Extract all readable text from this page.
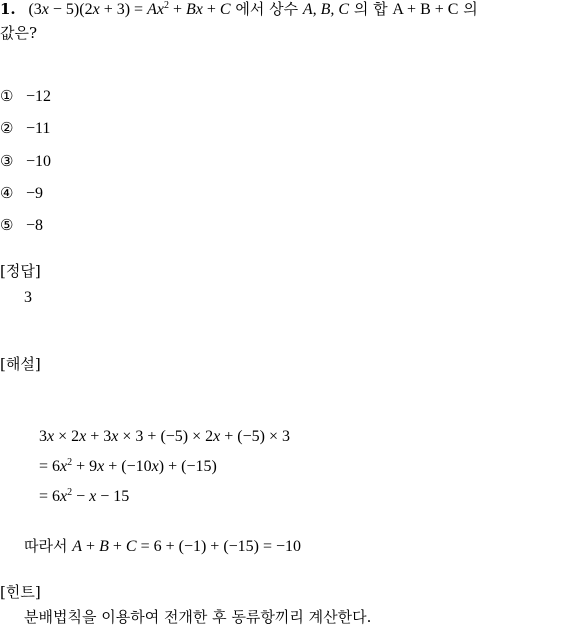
1. $(3x - 5)(2x + 3) = Ax^2 + Bx + C$ 에서 상수 A, B, C 의 합 A + B + C 의
값은?
① −12
② −11
③ −10
④ −9
⑤ −8
[정답]
3
[해설]
3x × 2x + 3x × 3 + (−5) × 2x + (−5) × 3
= $6x^2 + 9x + (-10x) + (-15)$
= $6x^2 - x - 15$
따라서 A + B + C = 6 + (−1) + (−15) = −10
[힌트]
분배법칙을 이용하여 전개한 후 동류항끼리 계산한다.
